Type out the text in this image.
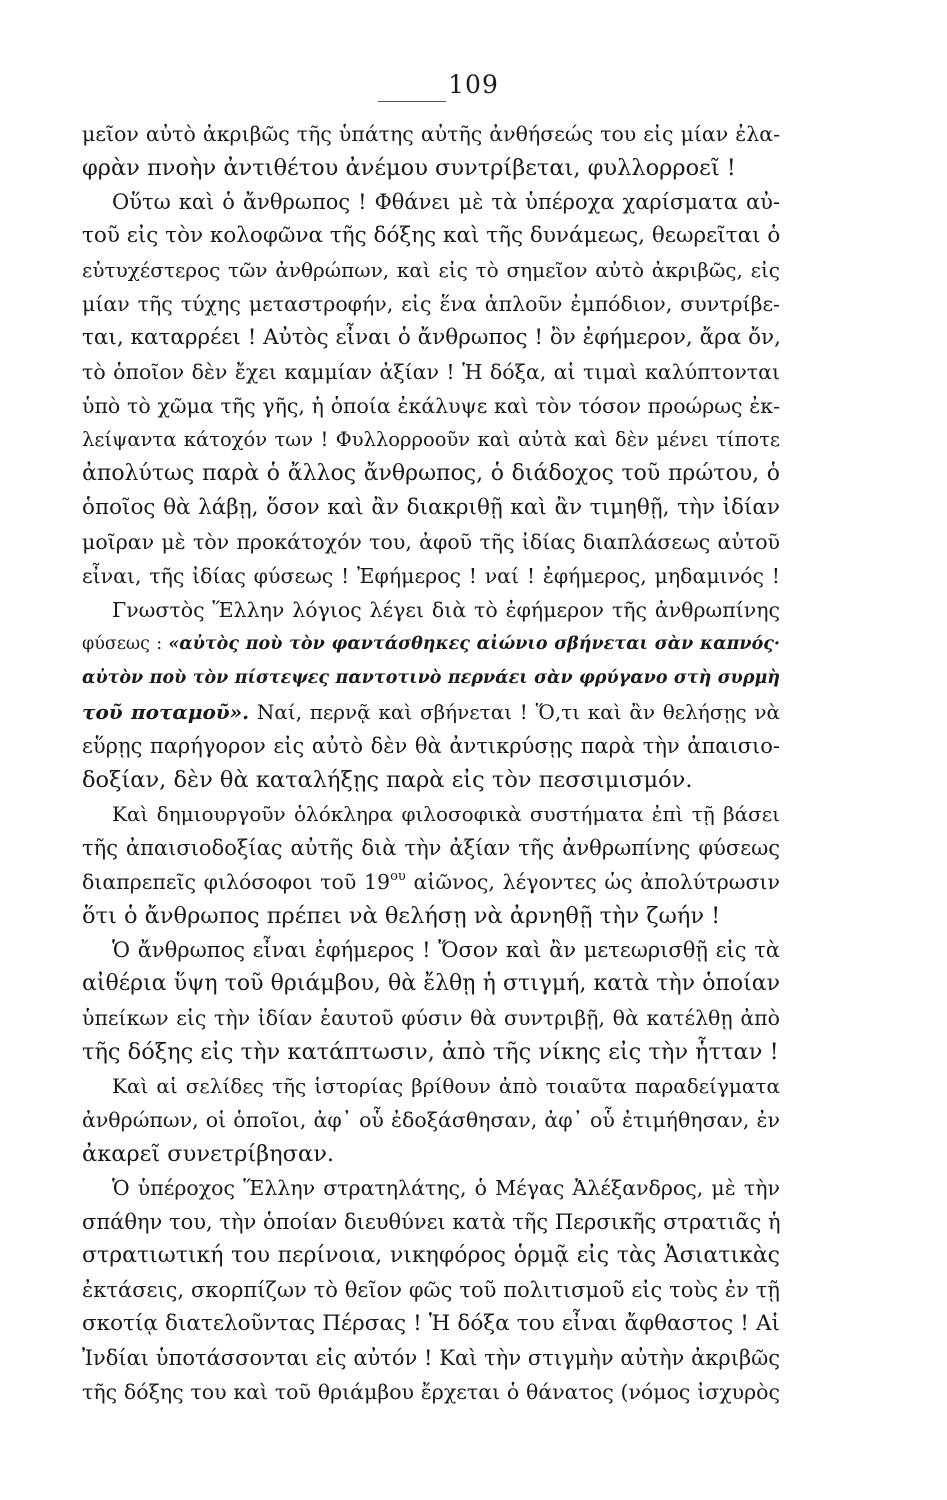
109
μεῖον αὐτὸ ἀκριβῶς τῆς ὑπάτης αὐτῆς ἀνθήσεώς του εἰς μίαν ἐλα-
φρὰν πνοὴν ἀντιθέτου ἀνέμου συντρίβεται, φυλλορροεῖ !
Οὕτω καὶ ὁ ἄνθρωπος ! Φθάνει μὲ τὰ ὑπέροχα χαρίσματα αὐ-
τοῦ εἰς τὸν κολοφῶνα τῆς δόξης καὶ τῆς δυνάμεως, θεωρεῖται ὁ
εὐτυχέστερος τῶν ἀνθρώπων, καὶ εἰς τὸ σημεῖον αὐτὸ ἀκριβῶς, εἰς
μίαν τῆς τύχης μεταστροφήν, εἰς ἕνα ἁπλοῦν ἐμπόδιον, συντρίβε-
ται, καταρρέει ! Αὐτὸς εἶναι ὁ ἄνθρωπος ! ὂν ἐφήμερον, ἄρα ὄν,
τὸ ὁποῖον δὲν ἔχει καμμίαν ἀξίαν ! Ἡ δόξα, αἱ τιμαὶ καλύπτονται
ὑπὸ τὸ χῶμα τῆς γῆς, ἡ ὁποία ἐκάλυψε καὶ τὸν τόσον προώρως ἐκ-
λείψαντα κάτοχόν των ! Φυλλορροοῦν καὶ αὐτὰ καὶ δὲν μένει τίποτε
ἀπολύτως παρὰ ὁ ἄλλος ἄνθρωπος, ὁ διάδοχος τοῦ πρώτου, ὁ
ὁποῖος θὰ λάβῃ, ὅσον καὶ ἂν διακριθῇ καὶ ἂν τιμηθῇ, τὴν ἰδίαν
μοῖραν μὲ τὸν προκάτοχόν του, ἀφοῦ τῆς ἰδίας διαπλάσεως αὐτοῦ
εἶναι, τῆς ἰδίας φύσεως ! Ἐφήμερος ! ναί ! ἐφήμερος, μηδαμινός !
Γνωστὸς Ἕλλην λόγιος λέγει διὰ τὸ ἐφήμερον τῆς ἀνθρωπίνης
φύσεως : «αὐτὸς ποὺ τὸν φαντάσθηκες αἰώνιο σβήνεται σὰν καπνός·
αὐτὸν ποὺ τὸν πίστεψες παντοτινὸ περνάει σὰν φρύγανο στὴ συρμὴ
τοῦ ποταμοῦ». Ναί, περνᾷ καὶ σβήνεται ! Ὅ,τι καὶ ἂν θελήσῃς νὰ
εὕρῃς παρήγορον εἰς αὐτὸ δὲν θὰ ἀντικρύσῃς παρὰ τὴν ἀπαισιο-
δοξίαν, δὲν θὰ καταλήξῃς παρὰ εἰς τὸν πεσσιμισμόν.
Καὶ δημιουργοῦν ὁλόκληρα φιλοσοφικὰ συστήματα ἐπὶ τῇ βάσει
τῆς ἀπαισιοδοξίας αὐτῆς διὰ τὴν ἀξίαν τῆς ἀνθρωπίνης φύσεως
διαπρεπεῖς φιλόσοφοι τοῦ $19^{o\upsilon}$ αἰῶνος, λέγοντες ὡς ἀπολύτρωσιν
ὅτι ὁ ἄνθρωπος πρέπει νὰ θελήσῃ νὰ ἀρνηθῇ τὴν ζωήν !
Ὁ ἄνθρωπος εἶναι ἐφήμερος ! Ὅσον καὶ ἂν μετεωρισθῇ εἰς τὰ
αἰθέρια ὕψη τοῦ θριάμβου, θὰ ἔλθῃ ἡ στιγμή, κατὰ τὴν ὁποίαν
ὑπείκων εἰς τὴν ἰδίαν ἑαυτοῦ φύσιν θὰ συντριβῇ, θὰ κατέλθῃ ἀπὸ
τῆς δόξης εἰς τὴν κατάπτωσιν, ἀπὸ τῆς νίκης εἰς τὴν ἧτταν !
Καὶ αἱ σελίδες τῆς ἱστορίας βρίθουν ἀπὸ τοιαῦτα παραδείγματα
ἀνθρώπων, οἱ ὁποῖοι, ἀφ᾽ οὗ ἐδοξάσθησαν, ἀφ᾽ οὗ ἐτιμήθησαν, ἐν
ἀκαρεῖ συνετρίβησαν.
Ὁ ὑπέροχος Ἕλλην στρατηλάτης, ὁ Μέγας Ἀλέξανδρος, μὲ τὴν
σπάθην του, τὴν ὁποίαν διευθύνει κατὰ τῆς Περσικῆς στρατιᾶς ἡ
στρατιωτική του περίνοια, νικηφόρος ὁρμᾷ εἰς τὰς Ἀσιατικὰς
ἐκτάσεις, σκορπίζων τὸ θεῖον φῶς τοῦ πολιτισμοῦ εἰς τοὺς ἐν τῇ
σκοτίᾳ διατελοῦντας Πέρσας ! Ἡ δόξα του εἶναι ἄφθαστος ! Αἱ
Ἰνδίαι ὑποτάσσονται εἰς αὐτόν ! Καὶ τὴν στιγμὴν αὐτὴν ἀκριβῶς
τῆς δόξης του καὶ τοῦ θριάμβου ἔρχεται ὁ θάνατος (νόμος ἰσχυρὸς
